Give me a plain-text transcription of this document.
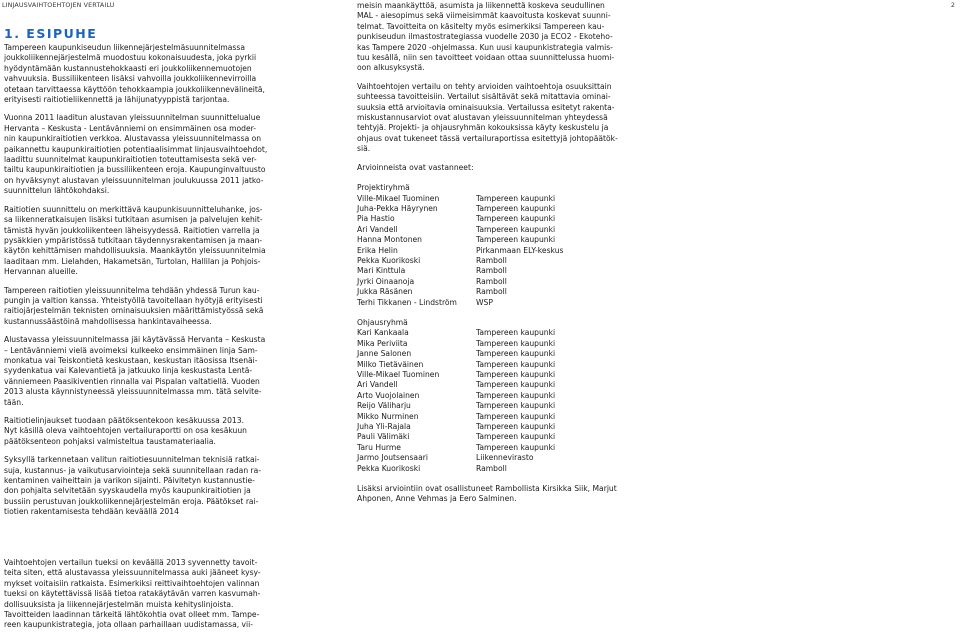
LINJAUSVAIHTOEHTOJEN VERTAILU	2
1. ESIPUHE

Tampereen kaupunkiseudun liikennejärjestelmäsuunnitelmassa
joukkoliikennejärjestelmä muodostuu kokonaisuudesta, joka pyrkii
hyödyntämään kustannustehokkaasti eri joukkoliikennemuotojen
vahvuuksia. Bussiliikenteen lisäksi vahvoilla joukkoliikennevirroilla
otetaan tarvittaessa käyttöön tehokkaampia joukkoliikennevälineitä,
erityisesti raitiotieliikennettä ja lähijunatyyppistä tarjontaa.

Vuonna 2011 laaditun alustavan yleissuunnitelman suunnittelualue
Hervanta – Keskusta - Lentävänniemi on ensimmäinen osa moder-
nin kaupunkiraitiotien verkkoa. Alustavassa yleissuunnitelmassa on
paikannettu kaupunkiraitiotien potentiaalisimmat linjausvaihtoehdot,
laadittu suunnitelmat kaupunkiraitiotien toteuttamisesta sekä ver-
tailtu kaupunkiraitiotien ja bussiliikenteen eroja. Kaupunginvaltuusto
on hyväksynyt alustavan yleissuunnitelman joulukuussa 2011 jatko-
suunnittelun lähtökohdaksi.

Raitiotien suunnittelu on merkittävä kaupunkisuunnitteluhanke, jos-
sa liikenneratkaisujen lisäksi tutkitaan asumisen ja palvelujen kehit-
tämistä hyvän joukkoliikenteen läheisyydessä. Raitiotien varrella ja
pysäkkien ympäristössä tutkitaan täydennysrakentamisen ja maan-
käytön kehittämisen mahdollisuuksia. Maankäytön yleissuunnitelmia
laaditaan mm. Lielahden, Hakametsän, Turtolan, Hallilan ja Pohjois-
Hervannan alueille.

Tampereen raitiotien yleissuunnitelma tehdään yhdessä Turun kau-
pungin ja valtion kanssa. Yhteistyöllä tavoitellaan hyötyjä erityisesti
raitiojärjestelmän teknisten ominaisuuksien määrittämistyössä sekä
kustannussäästöinä mahdollisessa hankintavaiheessa.

Alustavassa yleissuunnitelmassa jäi käytävässä Hervanta – Keskusta
– Lentävänniemi vielä avoimeksi kulkeeko ensimmäinen linja Sam-
monkatua vai Teiskontietä keskustaan, keskustan itäosissa Itsenäi-
syydenkatua vai Kalevantietä ja jatkuuko linja keskustasta Lentä-
vänniemeen Paasikiventien rinnalla vai Pispalan valtatiellä. Vuoden
2013 alusta käynnistyneessä yleissuunnitelmassa mm. tätä selvite-
tään.

Raitiotielinjaukset tuodaan päätöksentekoon kesäkuussa 2013.
Nyt käsillä oleva vaihtoehtojen vertailuraportti on osa kesäkuun
päätöksenteon pohjaksi valmisteltua taustamateriaalia.

Syksyllä tarkennetaan valitun raitiotiesuunnitelman teknisiä ratkai-
suja, kustannus- ja vaikutusarviointeja sekä suunnitellaan radan ra-
kentaminen vaiheittain ja varikon sijainti. Päivitetyn kustannustie-
don pohjalta selvitetään syyskaudella myös kaupunkiraitiotien ja
bussiin perustuvan joukkoliikennejärjestelmän eroja. Päätökset rai-
tiotien rakentamisesta tehdään keväällä 2014

Vaihtoehtojen vertailun tueksi on keväällä 2013 syvennetty tavoit-
teita siten, että alustavassa yleissuunnitelmassa auki jääneet kysy-
mykset voitaisiin ratkaista. Esimerkiksi reittivaihtoehtojen valinnan
tueksi on käytettävissä lisää tietoa ratakäytävän varren kasvumah-
dollisuuksista ja liikennejärjestelmän muista kehityslinjoista.
Tavoitteiden laadinnan tärkeitä lähtökohtia ovat olleet mm. Tampe-
reen kaupunkistrategia, jota ollaan parhaillaan uudistamassa, vii-

meisin maankäyttöä, asumista ja liikennettä koskeva seudullinen
MAL - aiesopimus sekä viimeisimmät kaavoitusta koskevat suunni-
telmat. Tavoitteita on käsitelty myös esimerkiksi Tampereen kau-
punkiseudun ilmastostrategiassa vuodelle 2030 ja ECO2 - Ekoteho-
kas Tampere 2020 -ohjelmassa. Kun uusi kaupunkistrategia valmis-
tuu kesällä, niin sen tavoitteet voidaan ottaa suunnittelussa huomi-
oon alkusyksystä.

Vaihtoehtojen vertailu on tehty arvioiden vaihtoehtoja osuuksittain
suhteessa tavoitteisiin. Vertailut sisältävät sekä mitattavia ominai-
suuksia että arvioitavia ominaisuuksia. Vertailussa esitetyt rakenta-
miskustannusarviot ovat alustavan yleissuunnitelman yhteydessä
tehtyjä. Projekti- ja ohjausryhmän kokouksissa käyty keskustelu ja
ohjaus ovat tukeneet tässä vertailuraportissa esitettyjä johtopäätök-
siä.

Arvioinneista ovat vastanneet:

Projektiryhmä

Ville-Mikael Tuominen	Tampereen kaupunki
Juha-Pekka Häyrynen	Tampereen kaupunki
Pia Hastio	Tampereen kaupunki
Ari Vandell	Tampereen kaupunki
Hanna Montonen	Tampereen kaupunki
Erika Helin	Pirkanmaan ELY-keskus
Pekka Kuorikoski	Ramboll
Mari Kinttula	Ramboll
Jyrki Oinaanoja	Ramboll
Jukka Räsänen	Ramboll
Terhi Tikkanen - Lindström	WSP

Ohjausryhmä

Kari Kankaala	Tampereen kaupunki
Mika Periviita	Tampereen kaupunki
Janne Salonen	Tampereen kaupunki
Milko Tietäväinen	Tampereen kaupunki
Ville-Mikael Tuominen	Tampereen kaupunki
Ari Vandell	Tampereen kaupunki
Arto Vuojolainen	Tampereen kaupunki
Reijo Väliharju	Tampereen kaupunki
Mikko Nurminen	Tampereen kaupunki
Juha Yli-Rajala	Tampereen kaupunki
Pauli Välimäki	Tampereen kaupunki
Taru Hurme	Tampereen kaupunki
Jarmo Joutsensaari	Liikennevirasto
Pekka Kuorikoski	Ramboll

Lisäksi arviointiin ovat osallistuneet Rambollista Kirsikka Siik, Marjut
Ahponen, Anne Vehmas ja Eero Salminen.
